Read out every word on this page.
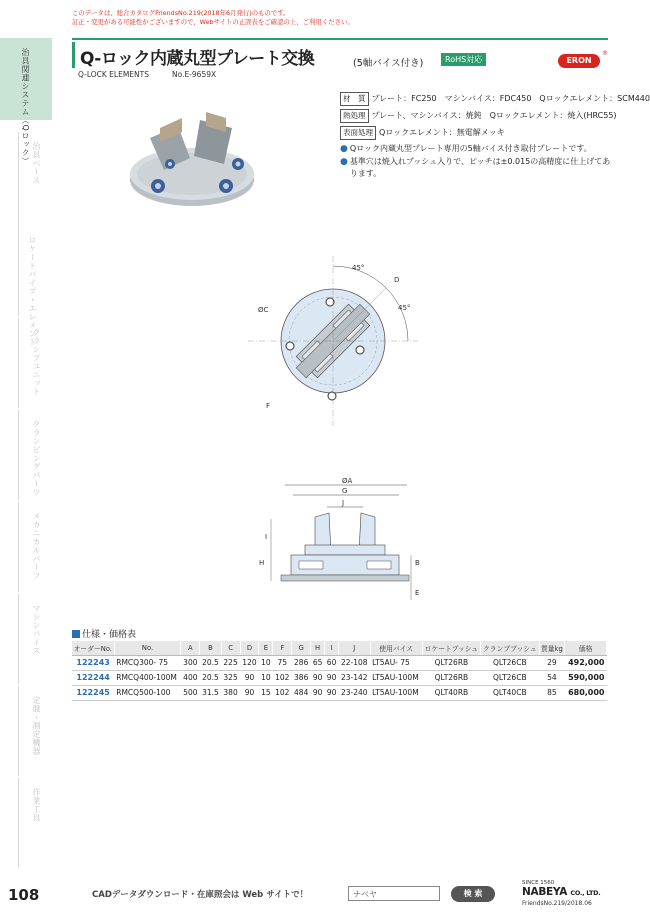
このデータは、総合カタログFriendsNo.219(2018年6月発行)のものです。
訂正・変更がある可能性がございますので、Webサイトの正誤表をご確認の上、ご利用ください。
治具関連システム（Qロック） 治具ベース
ロケートパイプ・エレメント
クランプユニット
クランピングパーツ
メカニカルパーツ
マシンバイス
定盤・測定機器
作業工具
Q-ロック内蔵丸型プレート交換	(5軸バイス付き)	RoHS対応	ERON
®
Q-LOCK ELEMENTS	No.E-9659X
材　質 プレート：FC250　マシンバイス：FDC450　Qロックエレメント：SCM440
熱処理 プレート、マシンバイス：焼鈍　Qロックエレメント：焼入(HRC55)
表面処理 Qロックエレメント：無電解メッキ
● Qロック内蔵丸型プレート専用の5軸バイス付き取付プレートです。
● 基準穴は焼入れプッシュ入りで、ピッチは±0.015の高精度に仕上げてあります。
45°
45°
D
ØC
F
ØA
G
J
I
H	B
E
仕様・価格表
オーダーNo.	No.	A	B	C	D	E	F	G	H	I	J	使用バイス	ロケートプッシュ	クランプブッシュ	質量kg	価格
122243	RMCQ300- 75	300	20.5	225	120	10	75	286	65	60	22-108	LT5AU- 75	QLT26RB	QLT26CB	29	492,000
122244	RMCQ400-100M	400	20.5	325	90	10	102	386	90	90	23-142	LT5AU-100M	QLT26RB	QLT26CB	54	590,000
122245	RMCQ500-100	500	31.5	380	90	15	102	484	90	90	23-240	LT5AU-100M	QLT40RB	QLT40CB	85	680,000
108	CADデータダウンロード・在庫照会は Web サイトで！	ナベヤ	検 索
SINCE 1560
NABEYA CO., LTD.
FriendsNo.219/2018.06
